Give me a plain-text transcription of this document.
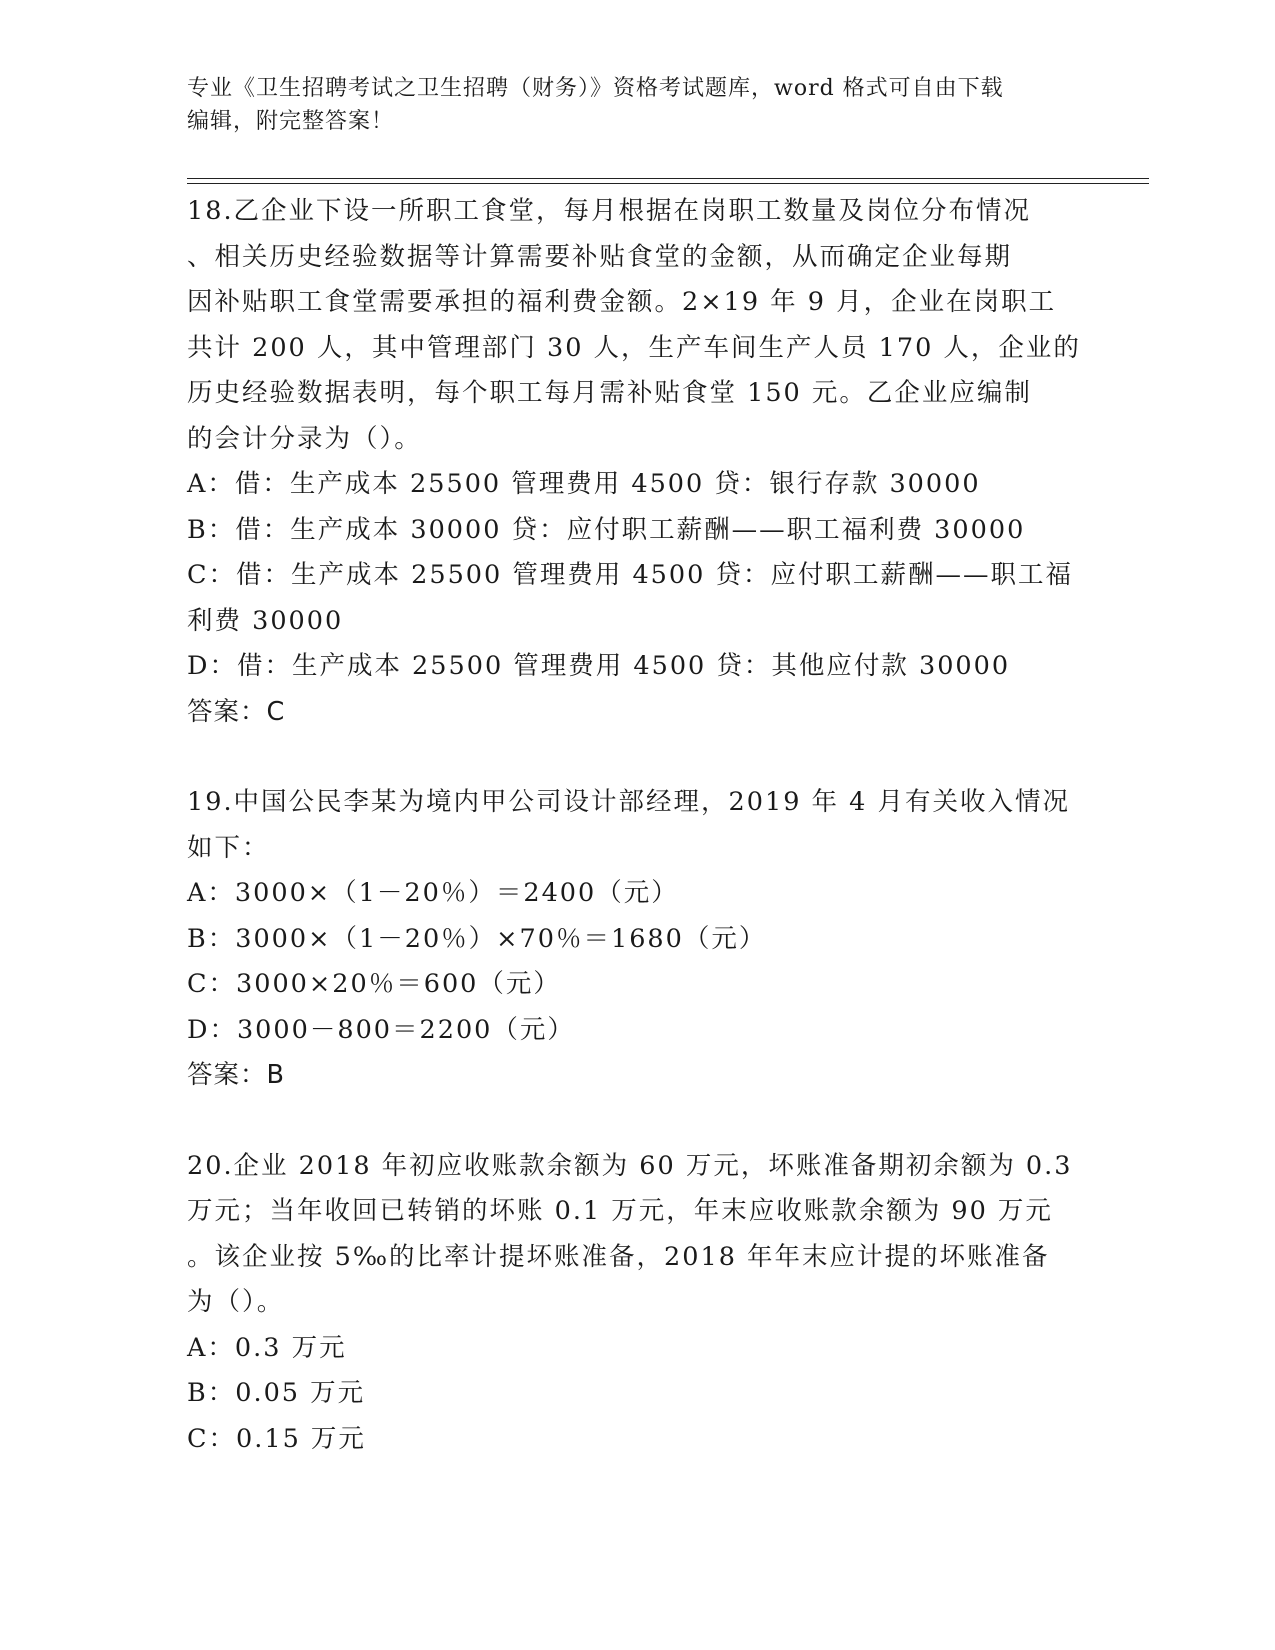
专业《卫生招聘考试之卫生招聘（财务）》资格考试题库，word 格式可自由下载
编辑，附完整答案！

18.乙企业下设一所职工食堂，每月根据在岗职工数量及岗位分布情况

、相关历史经验数据等计算需要补贴食堂的金额，从而确定企业每期

因补贴职工食堂需要承担的福利费金额。2×19 年 9 月，企业在岗职工

共计 200 人，其中管理部门 30 人，生产车间生产人员 170 人，企业的

历史经验数据表明，每个职工每月需补贴食堂 150 元。乙企业应编制

的会计分录为（）。

A：借：生产成本 25500 管理费用 4500 贷：银行存款 30000

B：借：生产成本 30000 贷：应付职工薪酬——职工福利费 30000

C：借：生产成本 25500 管理费用 4500 贷：应付职工薪酬——职工福

利费 30000

D：借：生产成本 25500 管理费用 4500 贷：其他应付款 30000

答案：C

19.中国公民李某为境内甲公司设计部经理，2019 年 4 月有关收入情况

如下：

A：3000×（1－20％）＝2400（元）

B：3000×（1－20％）×70％＝1680（元）

C：3000×20％＝600（元）

D：3000－800＝2200（元）

答案：B

20.企业 2018 年初应收账款余额为 60 万元，坏账准备期初余额为 0.3

万元；当年收回已转销的坏账 0.1 万元，年末应收账款余额为 90 万元

。该企业按 5‰的比率计提坏账准备，2018 年年末应计提的坏账准备

为（）。

A：0.3 万元

B：0.05 万元

C：0.15 万元
